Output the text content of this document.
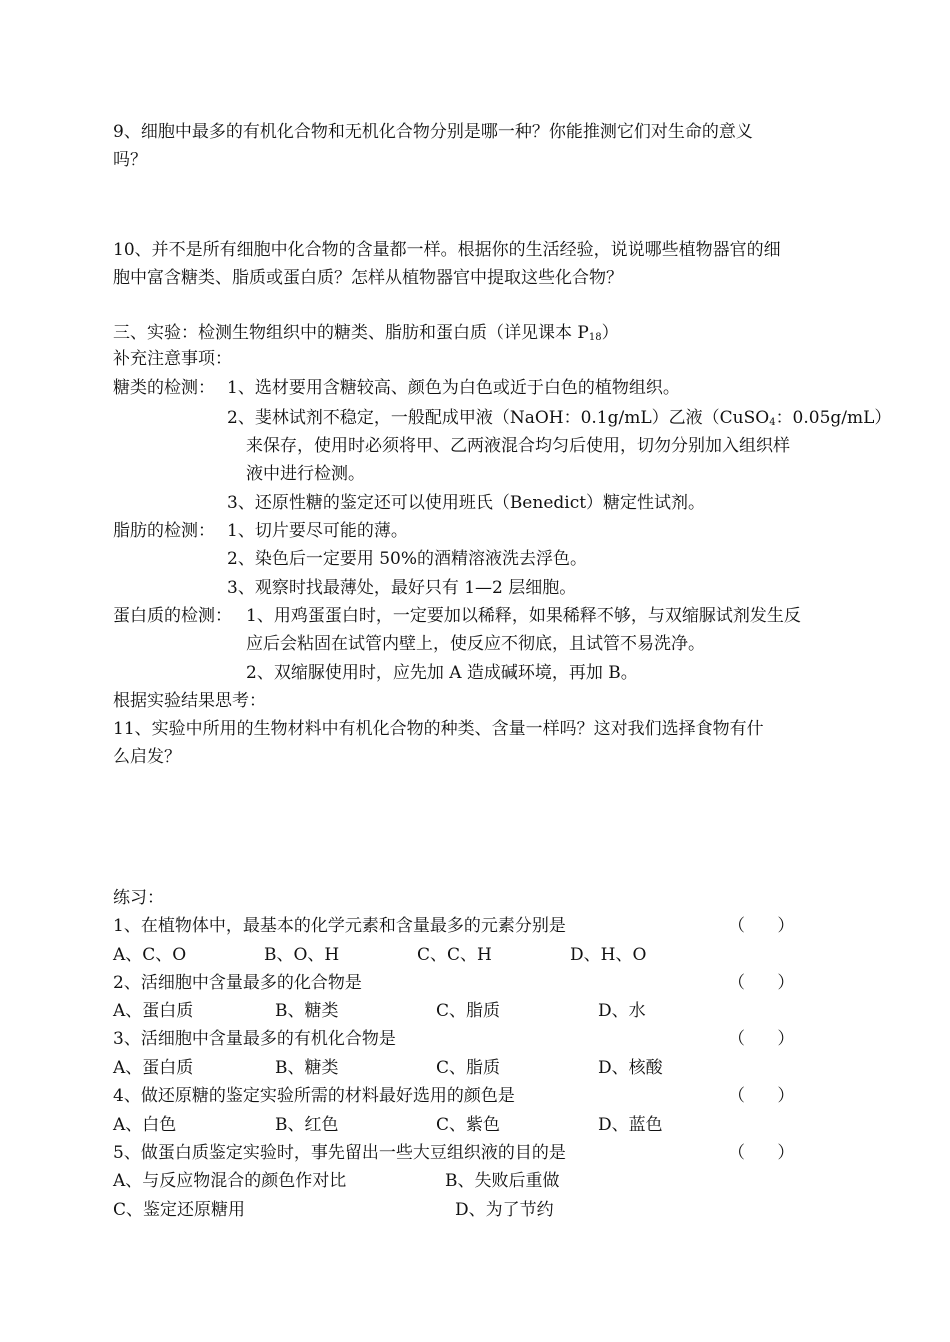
9、细胞中最多的有机化合物和无机化合物分别是哪一种？你能推测它们对生命的意义
吗？
10、并不是所有细胞中化合物的含量都一样。根据你的生活经验，说说哪些植物器官的细
胞中富含糖类、脂质或蛋白质？怎样从植物器官中提取这些化合物？
三、实验：检测生物组织中的糖类、脂肪和蛋白质（详见课本 $P_{18}$）
补充注意事项：
糖类的检测： 1、选材要用含糖较高、颜色为白色或近于白色的植物组织。
2、斐林试剂不稳定，一般配成甲液（NaOH：0.1g/mL）乙液（CuSO$_4$：0.05g/mL）
来保存，使用时必须将甲、乙两液混合均匀后使用，切勿分别加入组织样
液中进行检测。
3、还原性糖的鉴定还可以使用班氏（Benedict）糖定性试剂。
脂肪的检测： 1、切片要尽可能的薄。
2、染色后一定要用 50%的酒精溶液洗去浮色。
3、观察时找最薄处，最好只有 1—2 层细胞。
蛋白质的检测： 1、用鸡蛋蛋白时，一定要加以稀释，如果稀释不够，与双缩脲试剂发生反
应后会粘固在试管内壁上，使反应不彻底，且试管不易洗净。
2、双缩脲使用时，应先加 A 造成碱环境，再加 B。
根据实验结果思考：
11、实验中所用的生物材料中有机化合物的种类、含量一样吗？这对我们选择食物有什
么启发？
练习：
1、在植物体中，最基本的化学元素和含量最多的元素分别是	（      ）
A、C、O	B、O、H	C、C、H	D、H、O
2、活细胞中含量最多的化合物是	（      ）
A、蛋白质	B、糖类	C、脂质	D、水
3、活细胞中含量最多的有机化合物是	（      ）
A、蛋白质	B、糖类	C、脂质	D、核酸
4、做还原糖的鉴定实验所需的材料最好选用的颜色是	（      ）
A、白色	B、红色	C、紫色	D、蓝色
5、做蛋白质鉴定实验时，事先留出一些大豆组织液的目的是	（      ）
A、与反应物混合的颜色作对比	B、失败后重做
C、鉴定还原糖用	D、为了节约
